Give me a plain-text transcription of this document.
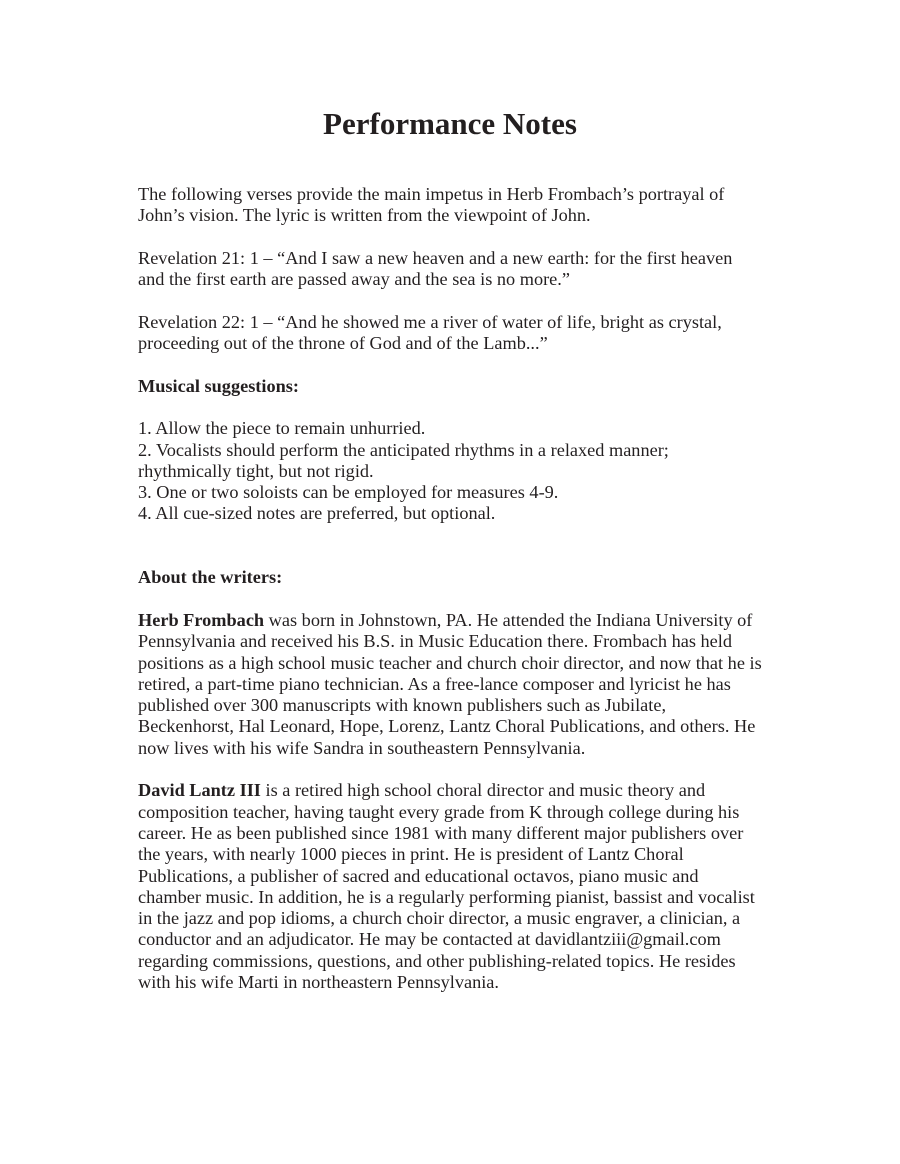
Performance Notes

The following verses provide the main impetus in Herb Frombach’s portrayal of

John’s vision. The lyric is written from the viewpoint of John.

Revelation 21: 1 – “And I saw a new heaven and a new earth: for the first heaven

and the first earth are passed away and the sea is no more.”

Revelation 22: 1 – “And he showed me a river of water of life, bright as crystal,

proceeding out of the throne of God and of the Lamb...”

Musical suggestions:

1. Allow the piece to remain unhurried.

2. Vocalists should perform the anticipated rhythms in a relaxed manner;

rhythmically tight, but not rigid.

3. One or two soloists can be employed for measures 4-9.

4. All cue-sized notes are preferred, but optional.

About the writers:

Herb Frombach was born in Johnstown, PA. He attended the Indiana University of

Pennsylvania and received his B.S. in Music Education there. Frombach has held

positions as a high school music teacher and church choir director, and now that he is

retired, a part-time piano technician. As a free-lance composer and lyricist he has

published over 300 manuscripts with known publishers such as Jubilate,

Beckenhorst, Hal Leonard, Hope, Lorenz, Lantz Choral Publications, and others. He

now lives with his wife Sandra in southeastern Pennsylvania.

David Lantz III is a retired high school choral director and music theory and

composition teacher, having taught every grade from K through college during his

career. He as been published since 1981 with many different major publishers over

the years, with nearly 1000 pieces in print. He is president of Lantz Choral

Publications, a publisher of sacred and educational octavos, piano music and

chamber music. In addition, he is a regularly performing pianist, bassist and vocalist

in the jazz and pop idioms, a church choir director, a music engraver, a clinician, a

conductor and an adjudicator. He may be contacted at davidlantziii@gmail.com

regarding commissions, questions, and other publishing-related topics. He resides

with his wife Marti in northeastern Pennsylvania.
